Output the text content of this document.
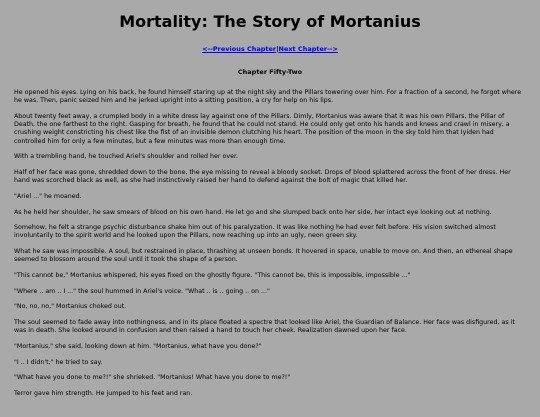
Mortality: The Story of Mortanius
<--Previous Chapter|Next Chapter-->
Chapter Fifty-Two

He opened his eyes. Lying on his back, he found himself staring up at the night sky and the Pillars towering over him. For a fraction of a second, he forgot where he was. Then, panic seized him and he jerked upright into a sitting position, a cry for help on his lips.

About twenty feet away, a crumpled body in a white dress lay against one of the Pillars. Dimly, Mortanius was aware that it was his own Pillars, the Pillar of Death, the one farthest to the right. Gasping for breath, he found that he could not stand. He could only get onto his hands and knees and crawl in misery, a crushing weight constricting his chest like the fist of an invisible demon clutching his heart. The position of the moon in the sky told him that Iyiden had controlled him for only a few minutes, but a few minutes was more than enough time.

With a trembling hand, he touched Ariel's shoulder and rolled her over.

Half of her face was gone, shredded down to the bone, the eye missing to reveal a bloody socket. Drops of blood splattered across the front of her dress. Her hand was scorched black as well, as she had instinctively raised her hand to defend against the bolt of magic that killed her.

"Ariel ..." he moaned.

As he held her shoulder, he saw smears of blood on his own hand. He let go and she slumped back onto her side, her intact eye looking out at nothing.

Somehow, he felt a strange psychic disturbance shake him out of his paralyzation. It was like nothing he had ever felt before. His vision switched almost involuntarily to the spirit world and he looked upon the Pillars, now reaching up into an ugly, neon green sky.

What he saw was impossible. A soul, but restrained in place, thrashing at unseen bonds. It hovered in space, unable to move on. And then, an ethereal shape seemed to blossom around the soul until it took the shape of a person.

"This cannot be," Mortanius whispered, his eyes fixed on the ghostly figure. "This cannot be, this is impossible, impossible ..."

"Where .. am .. I ..." the soul hummed in Ariel's voice. "What .. is .. going .. on ..."

"No, no, no," Mortanius choked out.

The soul seemed to fade away into nothingness, and in its place floated a spectre that looked like Ariel, the Guardian of Balance. Her face was disfigured, as it was in death. She looked around in confusion and then raised a hand to touch her cheek. Realization dawned upon her face.

"Mortanius," she said, looking down at him. "Mortanius, what have you done?"

"I .. I didn't," he tried to say.

"What have you done to me?!" she shrieked. "Mortanius! What have you done to me?!"

Terror gave him strength. He jumped to his feet and ran.
